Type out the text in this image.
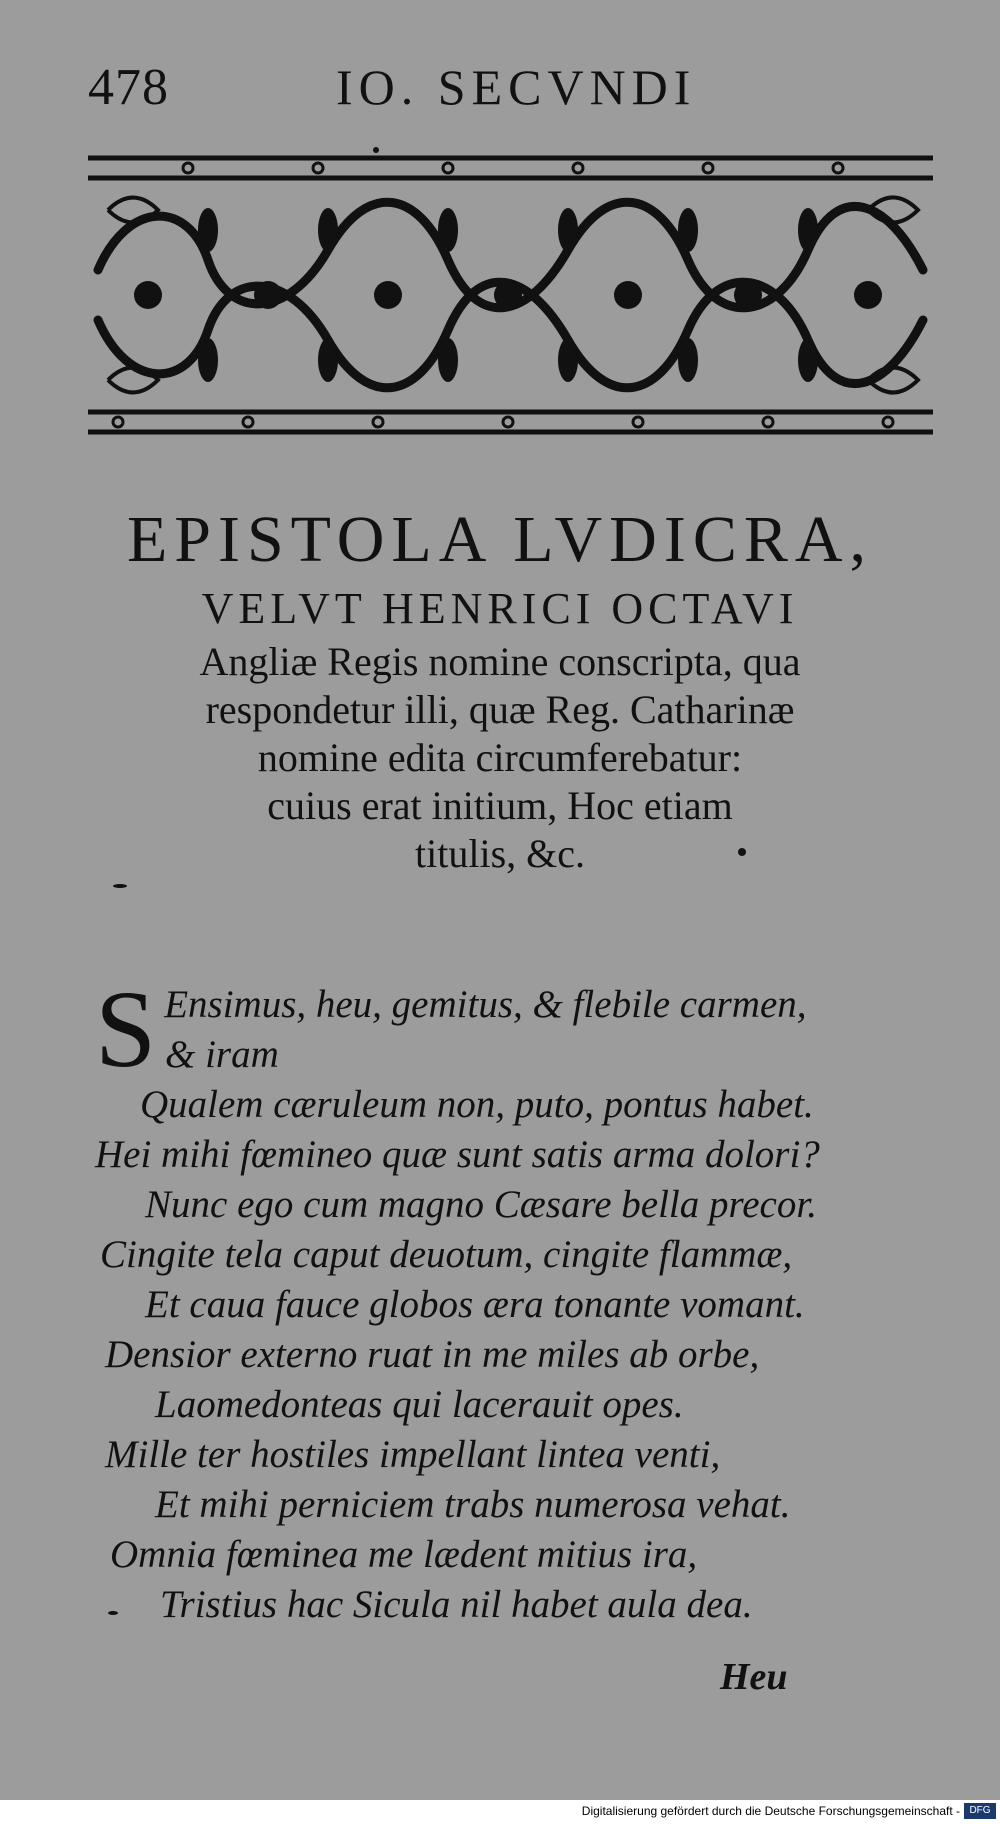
478	IO. SECVNDI

EPISTOLA LVDICRA,

VELVT HENRICI OCTAVI

Angliæ Regis nomine conscripta, qua

respondetur illi, quæ Reg. Catharinæ

nomine edita circumferebatur:

cuius erat initium, Hoc etiam

titulis, &c.

S Ensimus, heu, gemitus, & flebile carmen,
& iram
Qualem cæruleum non, puto, pontus habet.
Hei mihi fœmineo quæ sunt satis arma dolori?
Nunc ego cum magno Cæsare bella precor.
Cingite tela caput deuotum, cingite flammæ,
Et caua fauce globos æra tonante vomant.
Densior externo ruat in me miles ab orbe,
Laomedonteas qui lacerauit opes.
Mille ter hostiles impellant lintea venti,
Et mihi perniciem trabs numerosa vehat.
Omnia fœminea me lædent mitius ira,
Tristius hac Sicula nil habet aula dea.
Heu
Digitalisierung gefördert durch die Deutsche Forschungsgemeinschaft - DFG
